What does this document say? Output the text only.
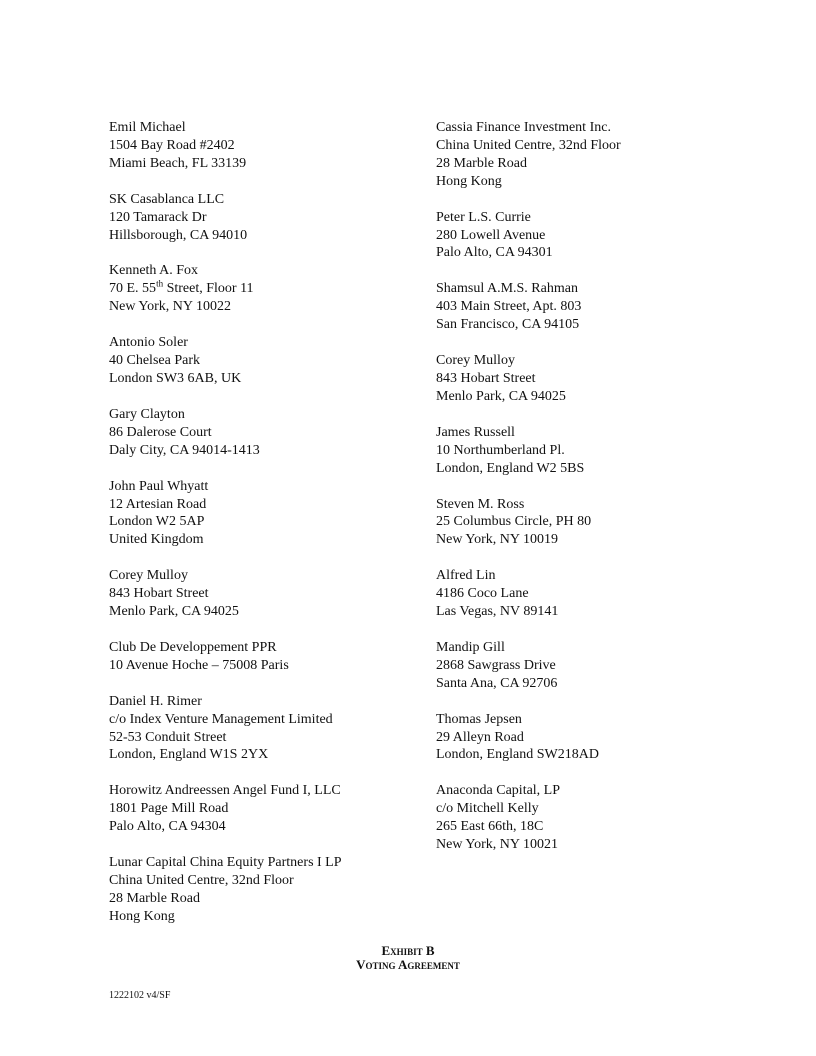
Emil Michael
1504 Bay Road #2402
Miami Beach, FL 33139
SK Casablanca LLC
120 Tamarack Dr
Hillsborough, CA 94010
Kenneth A. Fox
70 E. 55th Street, Floor 11
New York, NY 10022
Antonio Soler
40 Chelsea Park
London SW3 6AB, UK
Gary Clayton
86 Dalerose Court
Daly City, CA 94014-1413
John Paul Whyatt
12 Artesian Road
London W2 5AP
United Kingdom
Corey Mulloy
843 Hobart Street
Menlo Park, CA 94025
Club De Developpement PPR
10 Avenue Hoche – 75008 Paris
Daniel H. Rimer
c/o Index Venture Management Limited
52-53 Conduit Street
London, England W1S 2YX
Horowitz Andreessen Angel Fund I, LLC
1801 Page Mill Road
Palo Alto, CA 94304
Lunar Capital China Equity Partners I LP
China United Centre, 32nd Floor
28 Marble Road
Hong Kong
Cassia Finance Investment Inc.
China United Centre, 32nd Floor
28 Marble Road
Hong Kong
Peter L.S. Currie
280 Lowell Avenue
Palo Alto, CA 94301
Shamsul A.M.S. Rahman
403 Main Street, Apt. 803
San Francisco, CA 94105
Corey Mulloy
843 Hobart Street
Menlo Park, CA 94025
James Russell
10 Northumberland Pl.
London, England W2 5BS
Steven M. Ross
25 Columbus Circle, PH 80
New York, NY 10019
Alfred Lin
4186 Coco Lane
Las Vegas, NV 89141
Mandip Gill
2868 Sawgrass Drive
Santa Ana, CA 92706
Thomas Jepsen
29 Alleyn Road
London, England SW218AD
Anaconda Capital, LP
c/o Mitchell Kelly
265 East 66th, 18C
New York, NY 10021
Exhibit B
Voting Agreement
1222102 v4/SF
